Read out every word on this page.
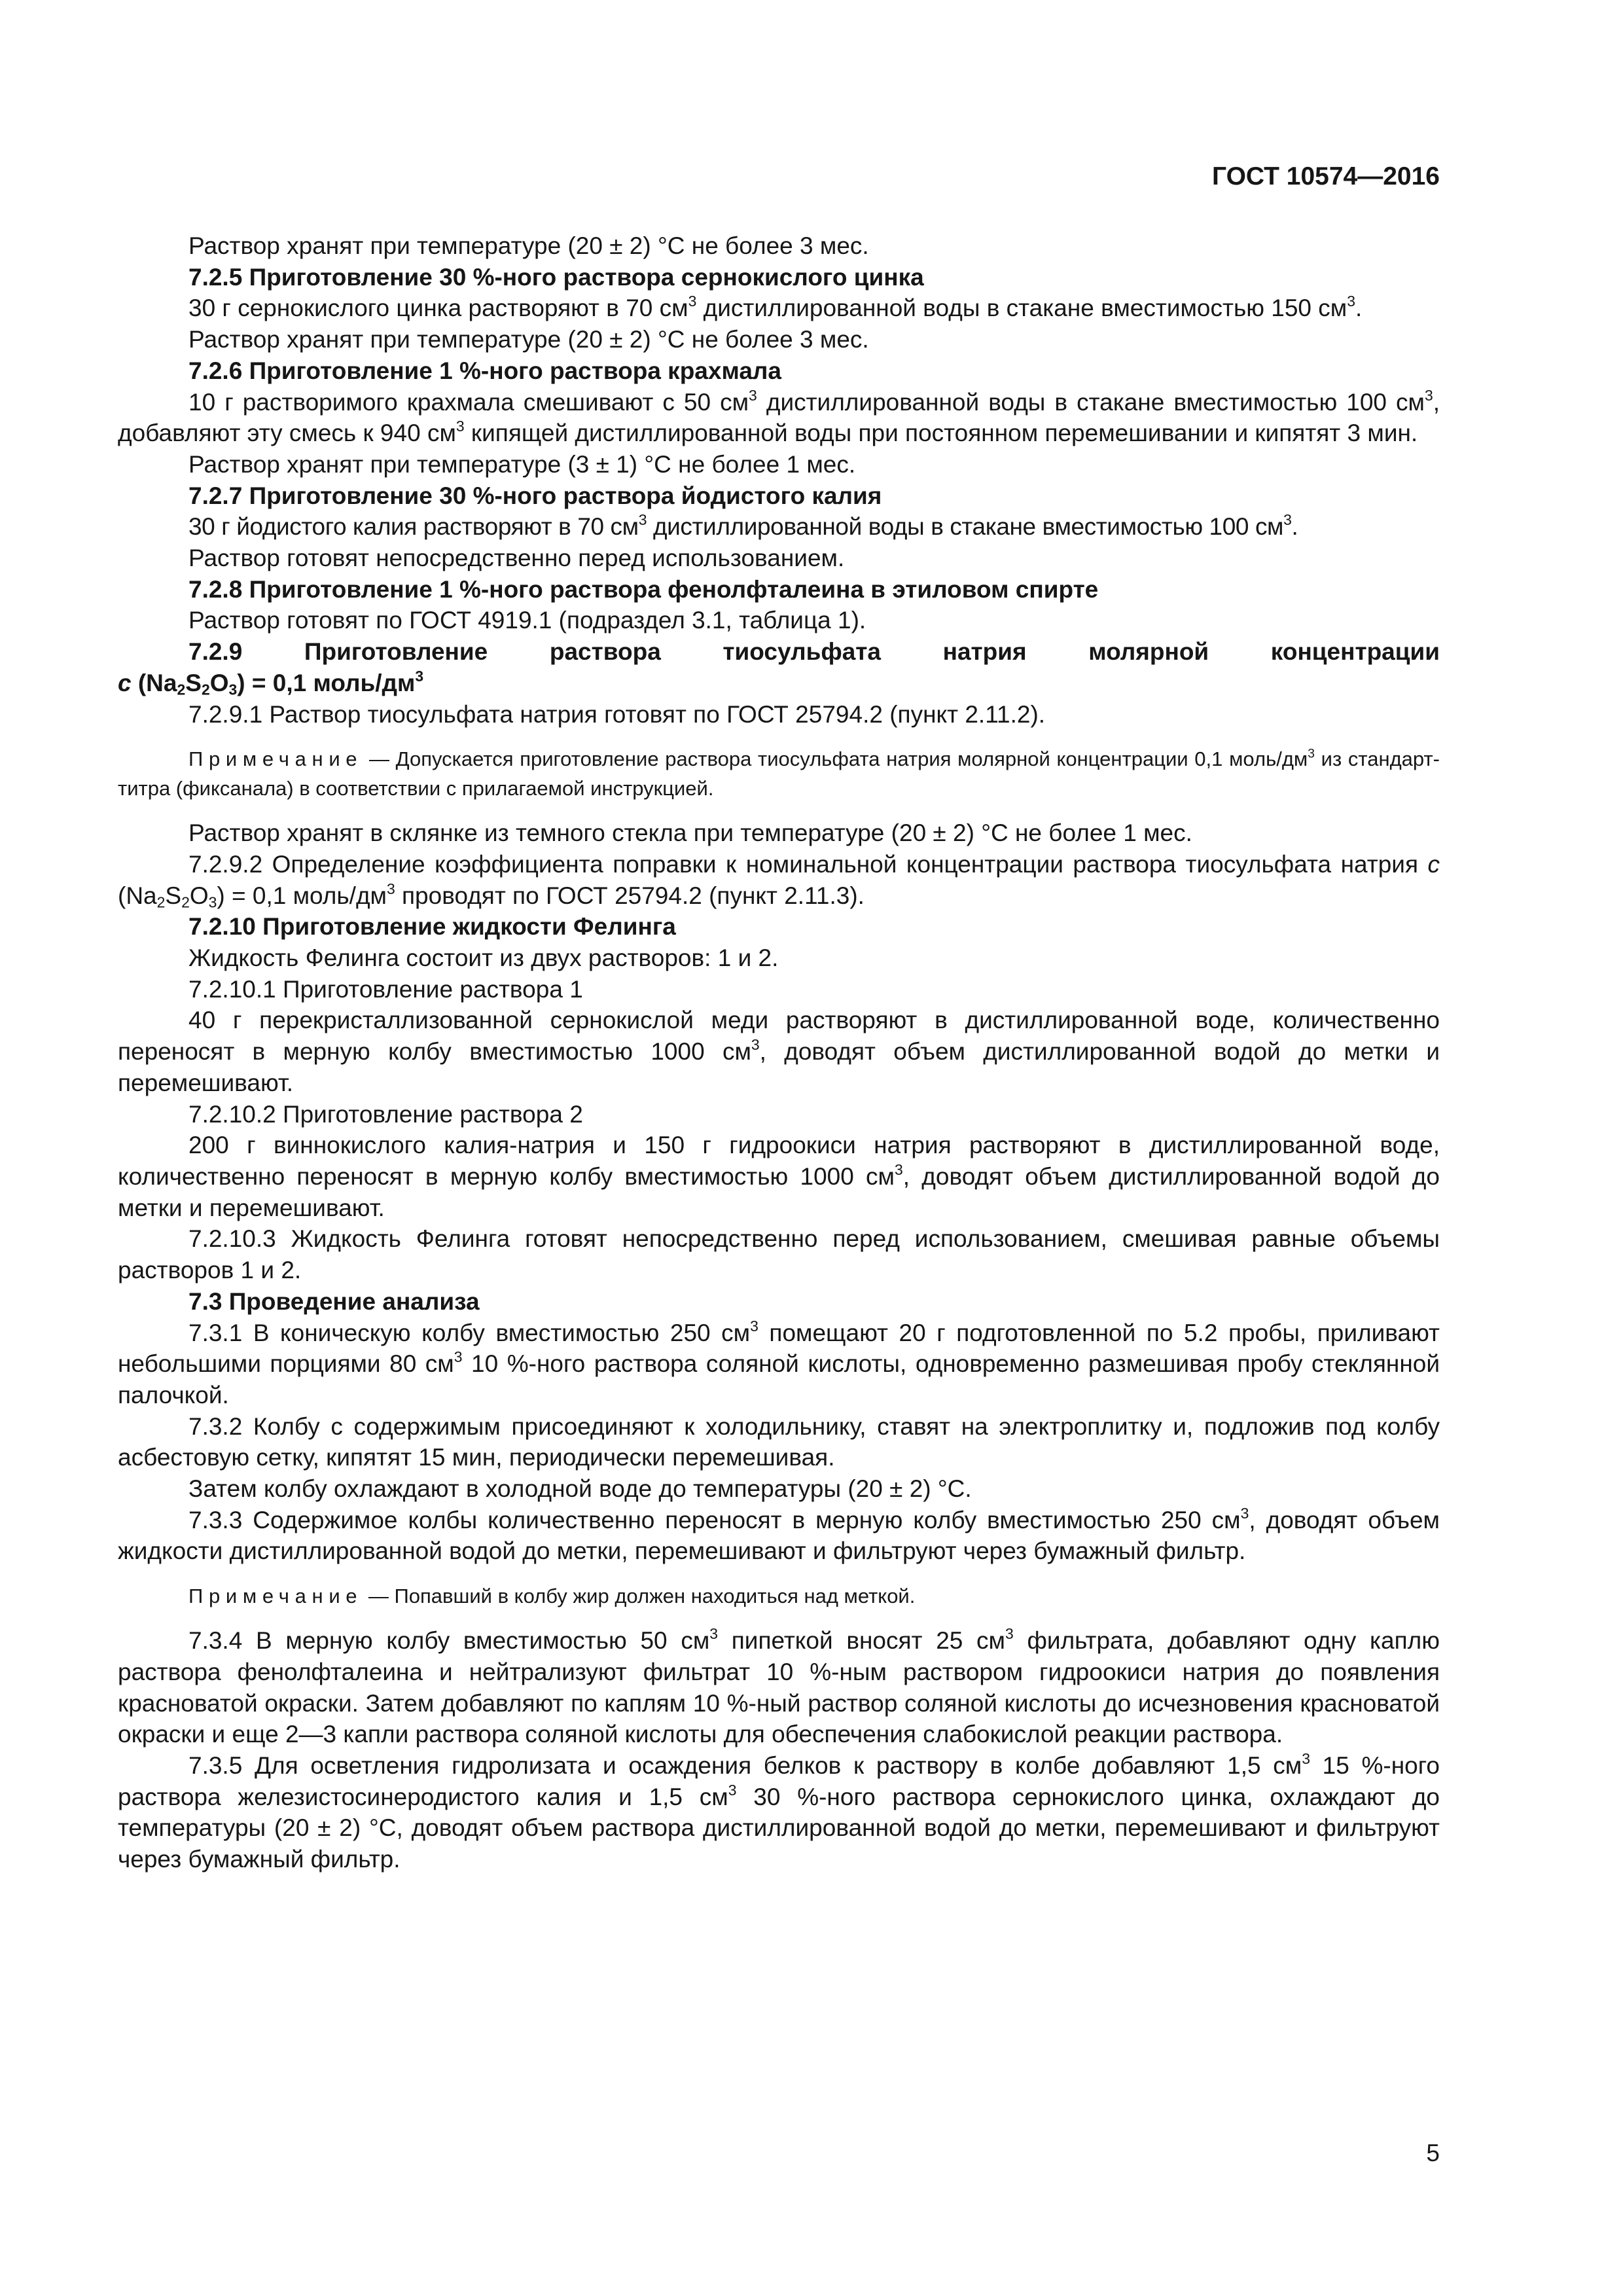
ГОСТ 10574—2016

Раствор хранят при температуре (20 ± 2) °С не более 3 мес.

7.2.5 Приготовление 30 %-ного раствора сернокислого цинка

30 г сернокислого цинка растворяют в 70 $см^3$ дистиллированной воды в стакане вместимостью 150 $см^3$.

Раствор хранят при температуре (20 ± 2) °С не более 3 мес.

7.2.6 Приготовление 1 %-ного раствора крахмала

10 г растворимого крахмала смешивают с 50 $см^3$ дистиллированной воды в стакане вместимостью 100 $см^3$, добавляют эту смесь к 940 $см^3$ кипящей дистиллированной воды при постоянном перемешивании и кипятят 3 мин.

Раствор хранят при температуре (3 ± 1) °С не более 1 мес.

7.2.7 Приготовление 30 %-ного раствора йодистого калия

30 г йодистого калия растворяют в 70 $см^3$ дистиллированной воды в стакане вместимостью 100 $см^3$.

Раствор готовят непосредственно перед использованием.

7.2.8 Приготовление 1 %-ного раствора фенолфталеина в этиловом спирте

Раствор готовят по ГОСТ 4919.1 (подраздел 3.1, таблица 1).

7.2.9 Приготовление раствора тиосульфата натрия молярной концентрации

c $(Na_2S_2O_3) = 0,1$ моль/$дм^3$

7.2.9.1 Раствор тиосульфата натрия готовят по ГОСТ 25794.2 (пункт 2.11.2).

Примечание — Допускается приготовление раствора тиосульфата натрия молярной концентрации 0,1 моль/$дм^3$ из стандарт-титра (фиксанала) в соответствии с прилагаемой инструкцией.

Раствор хранят в склянке из темного стекла при температуре (20 ± 2) °С не более 1 мес.

7.2.9.2 Определение коэффициента поправки к номинальной концентрации раствора тиосульфата натрия c $(Na_2S_2O_3) = 0,1$ моль/$дм^3$ проводят по ГОСТ 25794.2 (пункт 2.11.3).

7.2.10 Приготовление жидкости Фелинга

Жидкость Фелинга состоит из двух растворов: 1 и 2.

7.2.10.1 Приготовление раствора 1

40 г перекристаллизованной сернокислой меди растворяют в дистиллированной воде, количественно переносят в мерную колбу вместимостью 1000 $см^3$, доводят объем дистиллированной водой до метки и перемешивают.

7.2.10.2 Приготовление раствора 2

200 г виннокислого калия-натрия и 150 г гидроокиси натрия растворяют в дистиллированной воде, количественно переносят в мерную колбу вместимостью 1000 $см^3$, доводят объем дистиллированной водой до метки и перемешивают.

7.2.10.3 Жидкость Фелинга готовят непосредственно перед использованием, смешивая равные объемы растворов 1 и 2.

7.3 Проведение анализа

7.3.1 В коническую колбу вместимостью 250 $см^3$ помещают 20 г подготовленной по 5.2 пробы, приливают небольшими порциями 80 $см^3$ 10 %-ного раствора соляной кислоты, одновременно размешивая пробу стеклянной палочкой.

7.3.2 Колбу с содержимым присоединяют к холодильнику, ставят на электроплитку и, подложив под колбу асбестовую сетку, кипятят 15 мин, периодически перемешивая.

Затем колбу охлаждают в холодной воде до температуры (20 ± 2) °С.

7.3.3 Содержимое колбы количественно переносят в мерную колбу вместимостью 250 $см^3$, доводят объем жидкости дистиллированной водой до метки, перемешивают и фильтруют через бумажный фильтр.

Примечание — Попавший в колбу жир должен находиться над меткой.

7.3.4 В мерную колбу вместимостью 50 $см^3$ пипеткой вносят 25 $см^3$ фильтрата, добавляют одну каплю раствора фенолфталеина и нейтрализуют фильтрат 10 %-ным раствором гидроокиси натрия до появления красноватой окраски. Затем добавляют по каплям 10 %-ный раствор соляной кислоты до исчезновения красноватой окраски и еще 2—3 капли раствора соляной кислоты для обеспечения слабокислой реакции раствора.

7.3.5 Для осветления гидролизата и осаждения белков к раствору в колбе добавляют 1,5 $см^3$ 15 %-ного раствора железистосинеродистого калия и 1,5 $см^3$ 30 %-ного раствора сернокислого цинка, охлаждают до температуры (20 ± 2) °С, доводят объем раствора дистиллированной водой до метки, перемешивают и фильтруют через бумажный фильтр.

5
